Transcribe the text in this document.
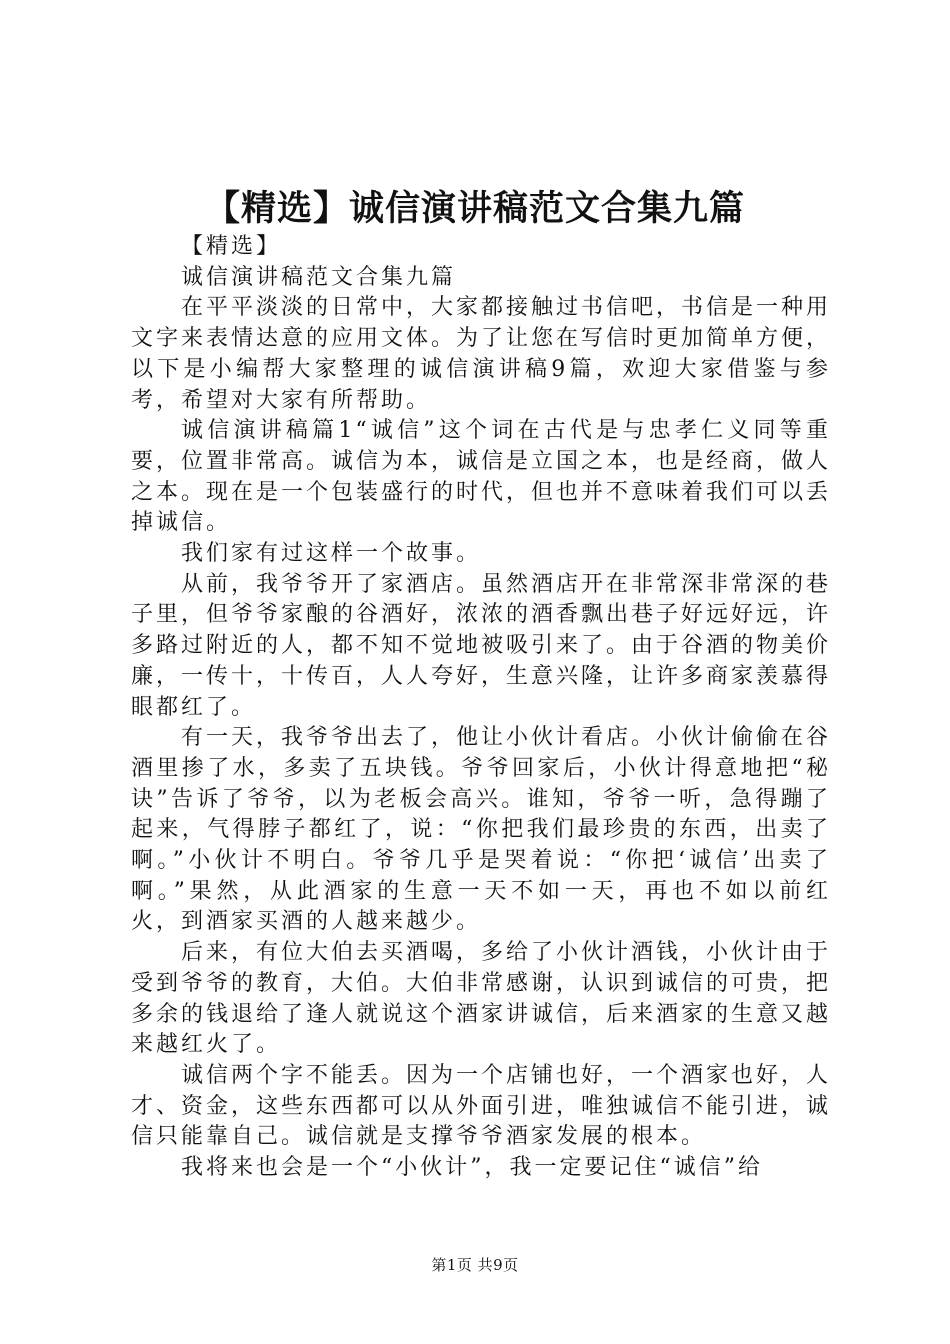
【精选】诚信演讲稿范文合集九篇

【精选】

诚信演讲稿范文合集九篇

在平平淡淡的日常中，大家都接触过书信吧，书信是一种用文字来表情达意的应用文体。为了让您在写信时更加简单方便，以下是小编帮大家整理的诚信演讲稿9篇，欢迎大家借鉴与参考，希望对大家有所帮助。

诚信演讲稿篇1“诚信”这个词在古代是与忠孝仁义同等重要，位置非常高。诚信为本，诚信是立国之本，也是经商，做人之本。现在是一个包装盛行的时代，但也并不意味着我们可以丢掉诚信。

我们家有过这样一个故事。

从前，我爷爷开了家酒店。虽然酒店开在非常深非常深的巷子里，但爷爷家酿的谷酒好，浓浓的酒香飘出巷子好远好远，许多路过附近的人，都不知不觉地被吸引来了。由于谷酒的物美价廉，一传十，十传百，人人夸好，生意兴隆，让许多商家羡慕得眼都红了。

有一天，我爷爷出去了，他让小伙计看店。小伙计偷偷在谷酒里掺了水，多卖了五块钱。爷爷回家后，小伙计得意地把“秘诀”告诉了爷爷，以为老板会高兴。谁知，爷爷一听，急得蹦了起来，气得脖子都红了，说：“你把我们最珍贵的东西，出卖了啊。”小伙计不明白。爷爷几乎是哭着说：“你把‘诚信’出卖了啊。”果然，从此酒家的生意一天不如一天，再也不如以前红火，到酒家买酒的人越来越少。

后来，有位大伯去买酒喝，多给了小伙计酒钱，小伙计由于受到爷爷的教育，大伯。大伯非常感谢，认识到诚信的可贵，把多余的钱退给了逢人就说这个酒家讲诚信，后来酒家的生意又越来越红火了。

诚信两个字不能丢。因为一个店铺也好，一个酒家也好，人才、资金，这些东西都可以从外面引进，唯独诚信不能引进，诚信只能靠自己。诚信就是支撑爷爷酒家发展的根本。

我将来也会是一个“小伙计”，我一定要记住“诚信”给

第1页 共9页
